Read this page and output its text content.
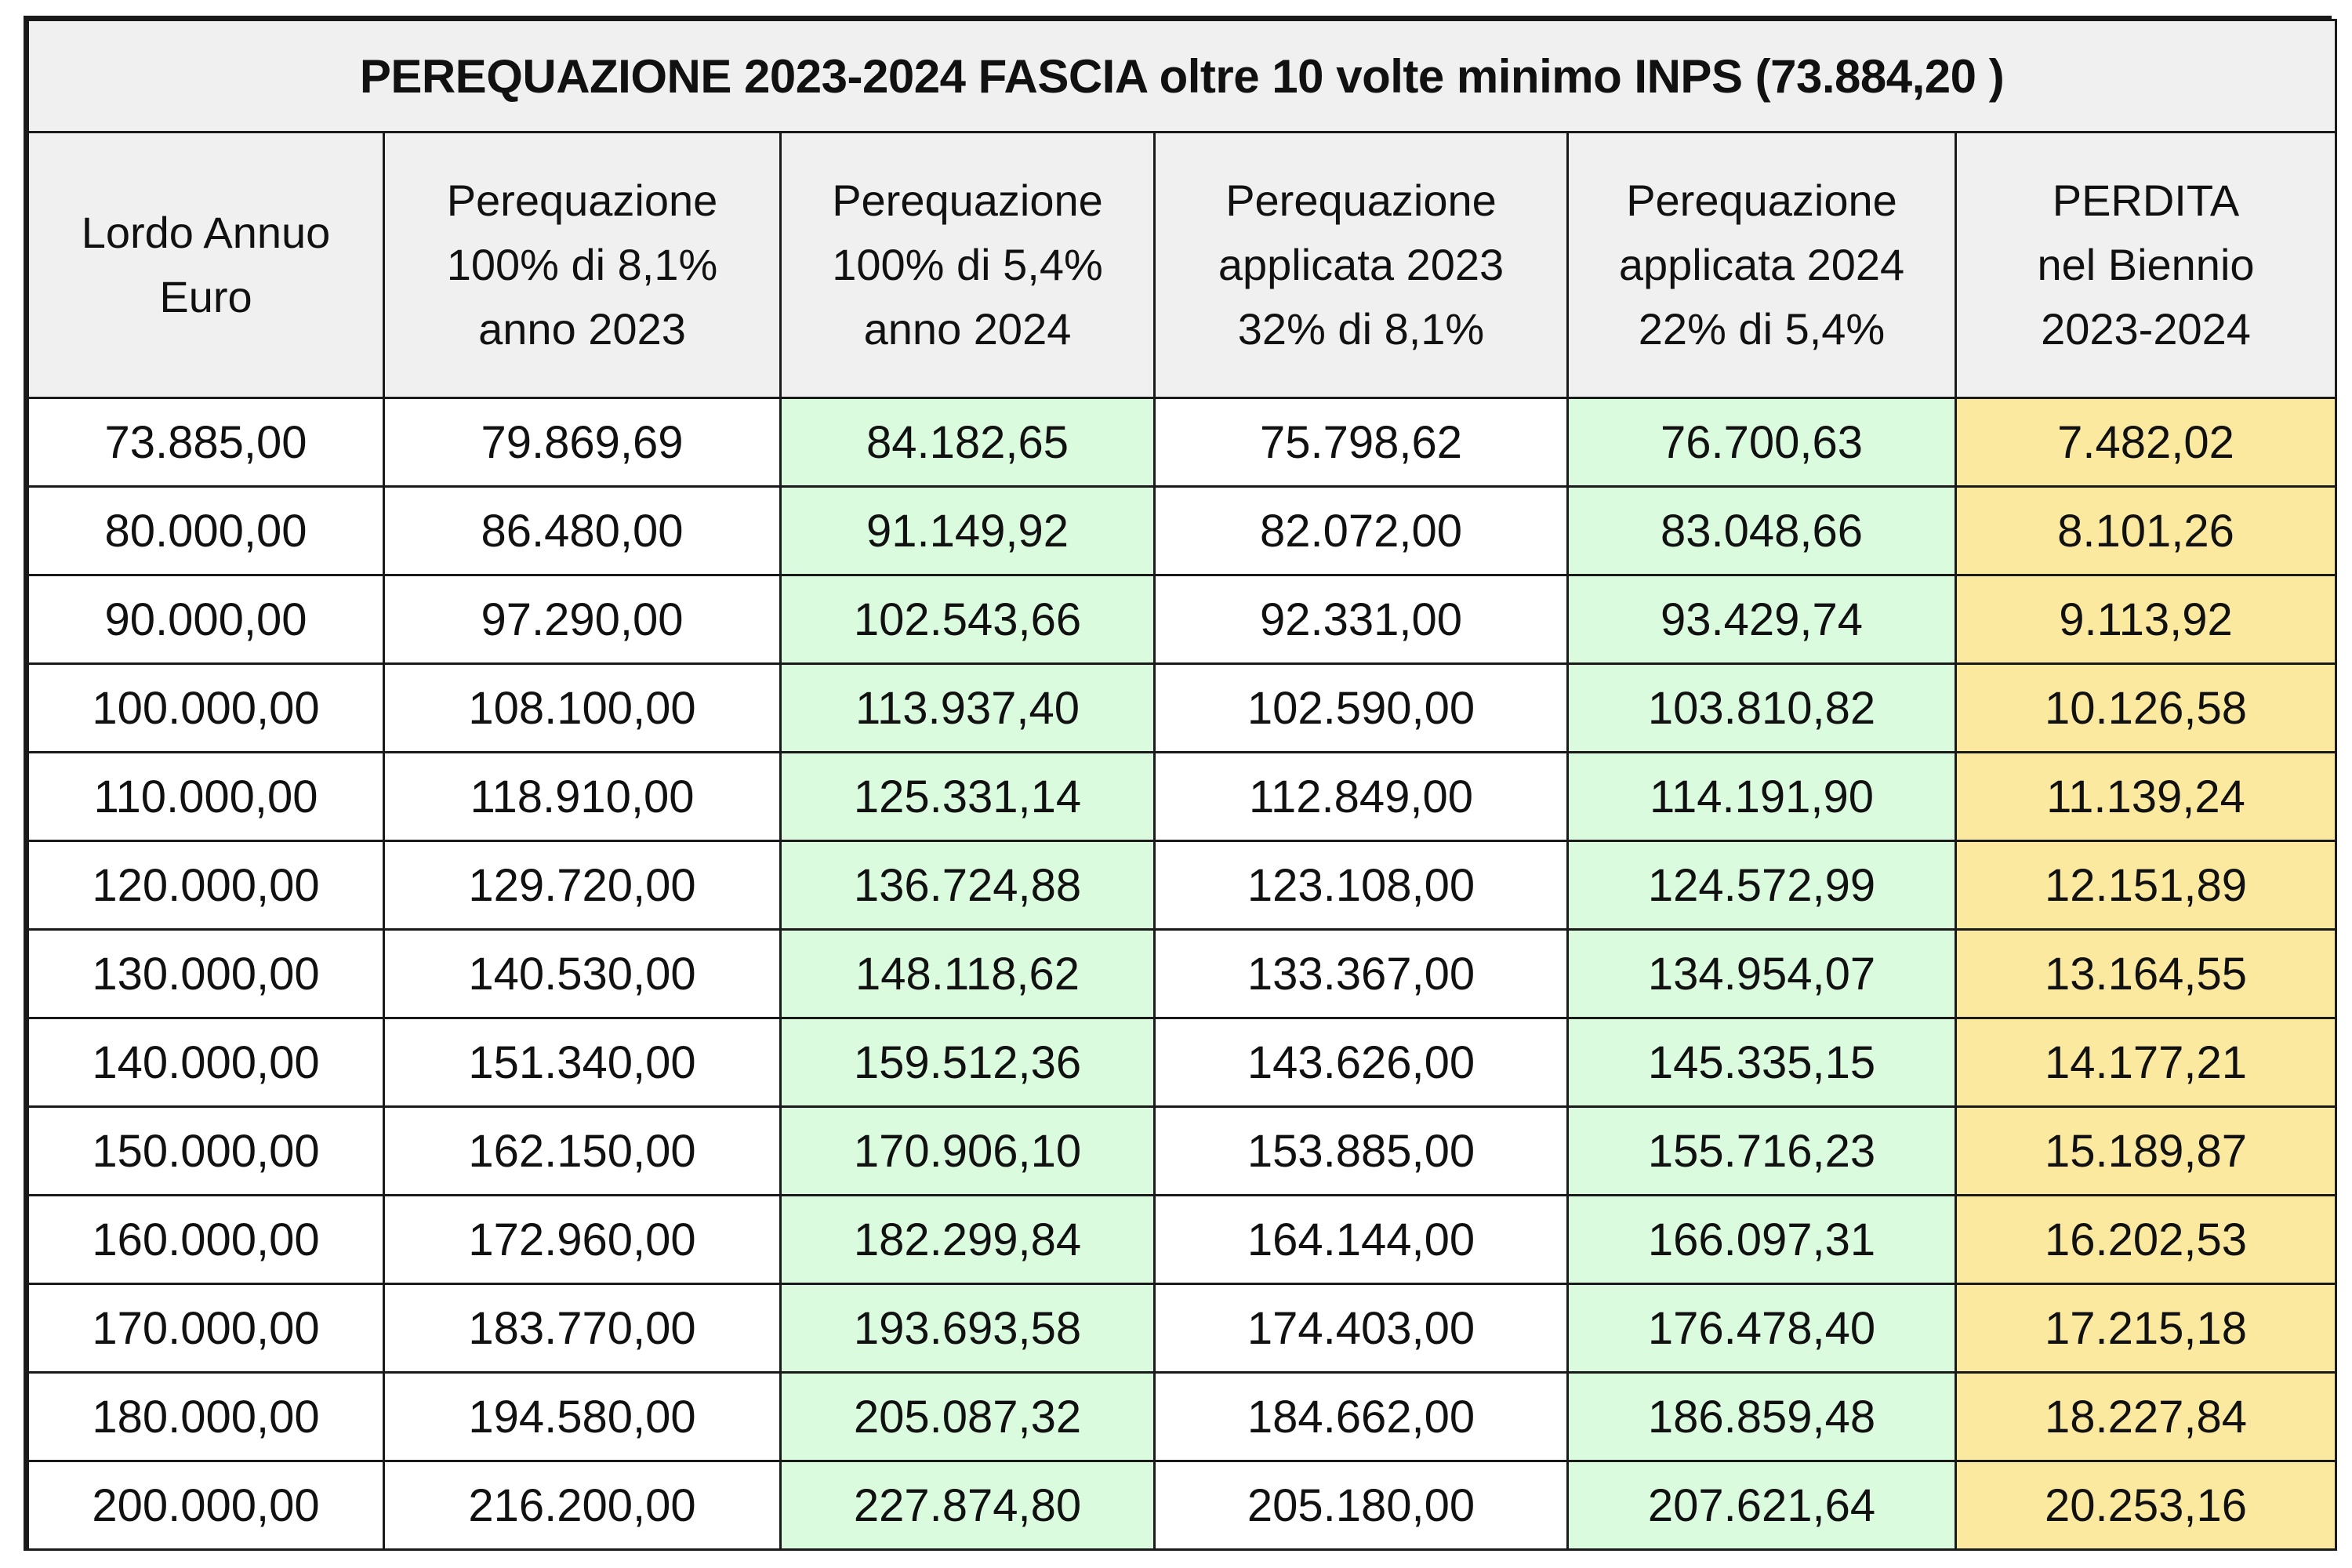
PEREQUAZIONE 2023-2024 FASCIA oltre 10 volte minimo INPS (73.884,20 )					

Lordo Annuo
Euro	Perequazione
100% di 8,1%
anno 2023	Perequazione
100% di 5,4%
anno 2024	Perequazione
applicata 2023
32% di 8,1%	Perequazione
applicata 2024
22% di 5,4%	PERDITA
nel Biennio
2023-2024

73.885,00	79.869,69	84.182,65	75.798,62	76.700,63	7.482,02
80.000,00	86.480,00	91.149,92	82.072,00	83.048,66	8.101,26
90.000,00	97.290,00	102.543,66	92.331,00	93.429,74	9.113,92
100.000,00	108.100,00	113.937,40	102.590,00	103.810,82	10.126,58
110.000,00	118.910,00	125.331,14	112.849,00	114.191,90	11.139,24
120.000,00	129.720,00	136.724,88	123.108,00	124.572,99	12.151,89
130.000,00	140.530,00	148.118,62	133.367,00	134.954,07	13.164,55
140.000,00	151.340,00	159.512,36	143.626,00	145.335,15	14.177,21
150.000,00	162.150,00	170.906,10	153.885,00	155.716,23	15.189,87
160.000,00	172.960,00	182.299,84	164.144,00	166.097,31	16.202,53
170.000,00	183.770,00	193.693,58	174.403,00	176.478,40	17.215,18
180.000,00	194.580,00	205.087,32	184.662,00	186.859,48	18.227,84
200.000,00	216.200,00	227.874,80	205.180,00	207.621,64	20.253,16
